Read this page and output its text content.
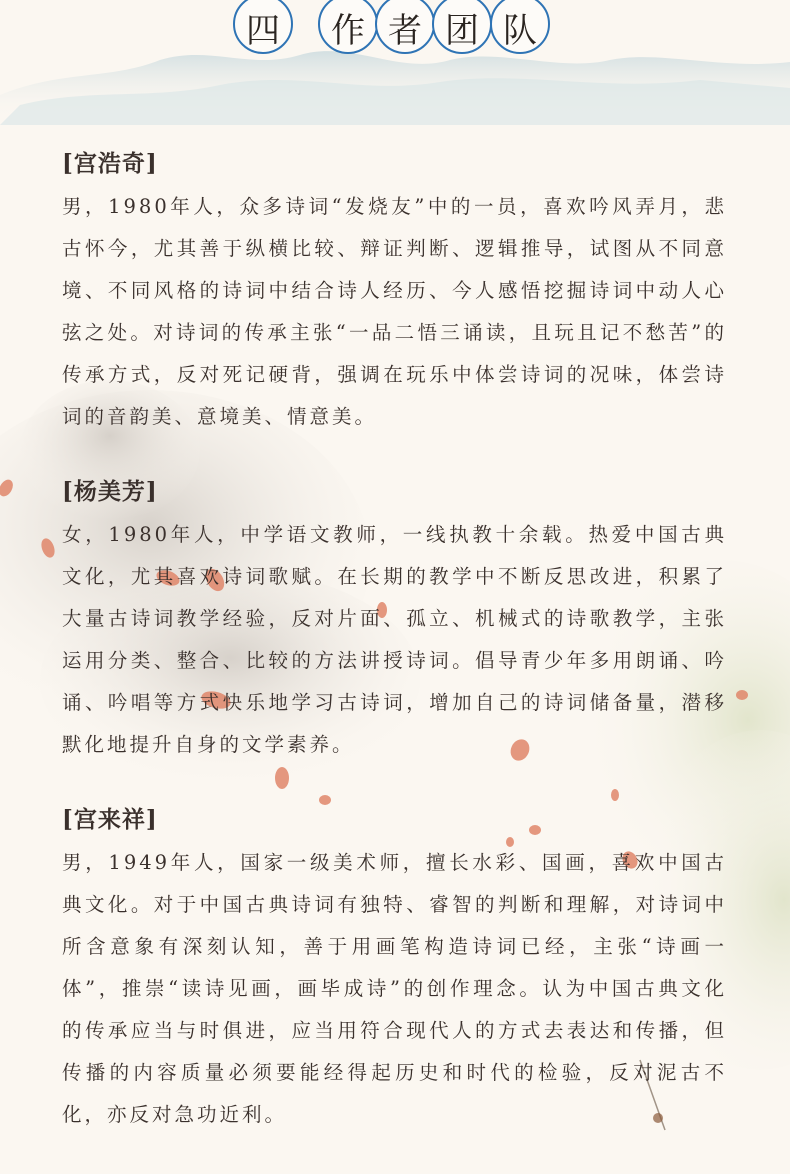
四 作 者 团 队

[宫浩奇]

男，1980年人，众多诗词“发烧友”中的一员，喜欢吟风弄月，悲古怀今，尤其善于纵横比较、辩证判断、逻辑推导，试图从不同意境、不同风格的诗词中结合诗人经历、今人感悟挖掘诗词中动人心弦之处。对诗词的传承主张“一品二悟三诵读，且玩且记不愁苦”的传承方式，反对死记硬背，强调在玩乐中体尝诗词的况味，体尝诗词的音韵美、意境美、情意美。

[杨美芳]

女，1980年人，中学语文教师，一线执教十余载。热爱中国古典文化，尤其喜欢诗词歌赋。在长期的教学中不断反思改进，积累了大量古诗词教学经验，反对片面、孤立、机械式的诗歌教学，主张运用分类、整合、比较的方法讲授诗词。倡导青少年多用朗诵、吟诵、吟唱等方式快乐地学习古诗词，增加自己的诗词储备量，潜移默化地提升自身的文学素养。

[宫来祥]

男，1949年人，国家一级美术师，擅长水彩、国画，喜欢中国古典文化。对于中国古典诗词有独特、睿智的判断和理解，对诗词中所含意象有深刻认知，善于用画笔构造诗词已经，主张“诗画一体”，推崇“读诗见画，画毕成诗”的创作理念。认为中国古典文化的传承应当与时俱进，应当用符合现代人的方式去表达和传播，但传播的内容质量必须要能经得起历史和时代的检验，反对泥古不化，亦反对急功近利。
